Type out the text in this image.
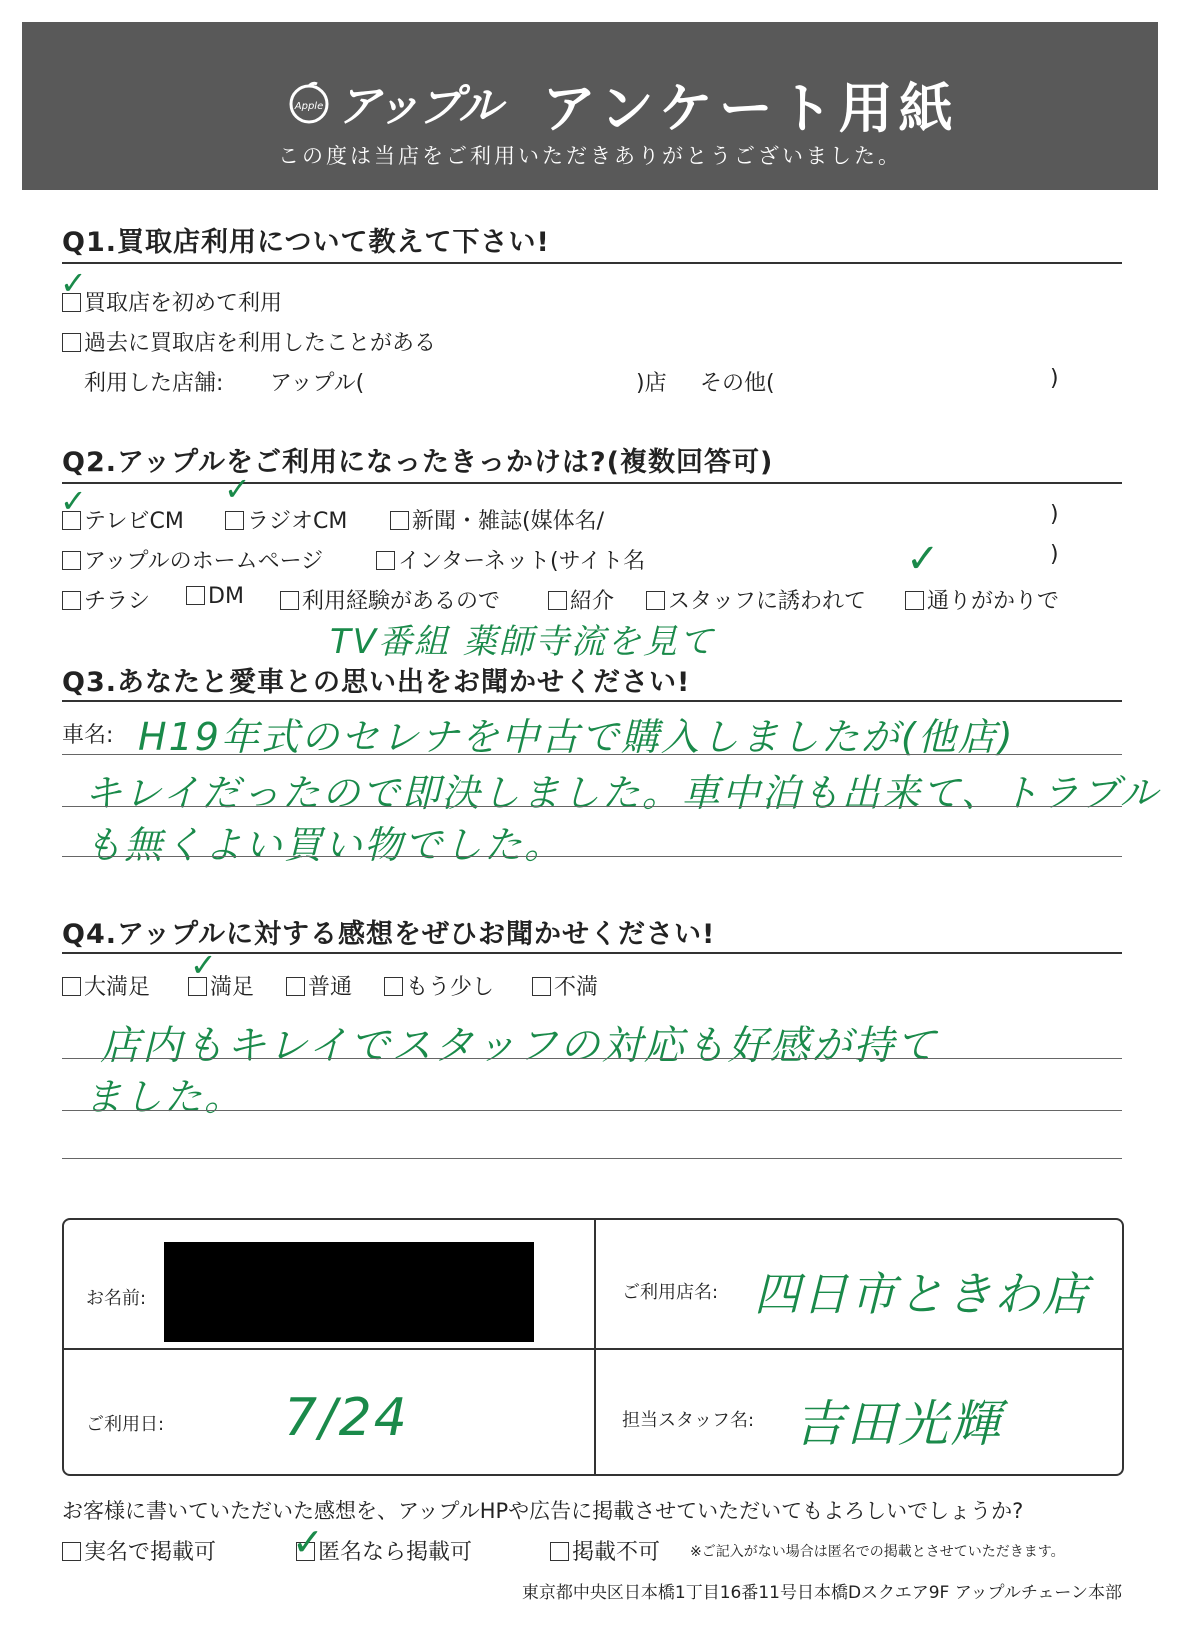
Apple アップル アンケート用紙
この度は当店をご利用いただきありがとうございました。
Q1.買取店利用について教えて下さい!
買取店を初めて利用
✓
過去に買取店を利用したことがある
利用した店舗: アップル(	)店 その他(	)
Q2.アップルをご利用になったきっかけは?(複数回答可)
テレビCM
✓
ラジオCM
✓
新聞・雑誌(媒体名/	)
アップルのホームページ	インターネット(サイト名	)
チラシ	DM	利用経験があるので	紹介	スタッフに誘われて	通りがかりで
✓
TV番組 薬師寺流を見て
Q3.あなたと愛車との思い出をお聞かせください!
車名: H19年式のセレナを中古で購入しましたが(他店)
キレイだったので即決しました。車中泊も出来て、トラブル
も無くよい買い物でした。
Q4.アップルに対する感想をぜひお聞かせください!
大満足	満足
✓
普通	もう少し	不満
店内もキレイでスタッフの対応も好感が持て
ました。
お名前:	ご利用店名: 四日市ときわ店
ご利用日: 7/24	担当スタッフ名: 吉田光輝
お客様に書いていただいた感想を、アップルHPや広告に掲載させていただいてもよろしいでしょうか?
実名で掲載可	匿名なら掲載可
✓	掲載不可 ※ご記入がない場合は匿名での掲載とさせていただきます。
東京都中央区日本橋1丁目16番11号日本橋Dスクエア9F アップルチェーン本部
